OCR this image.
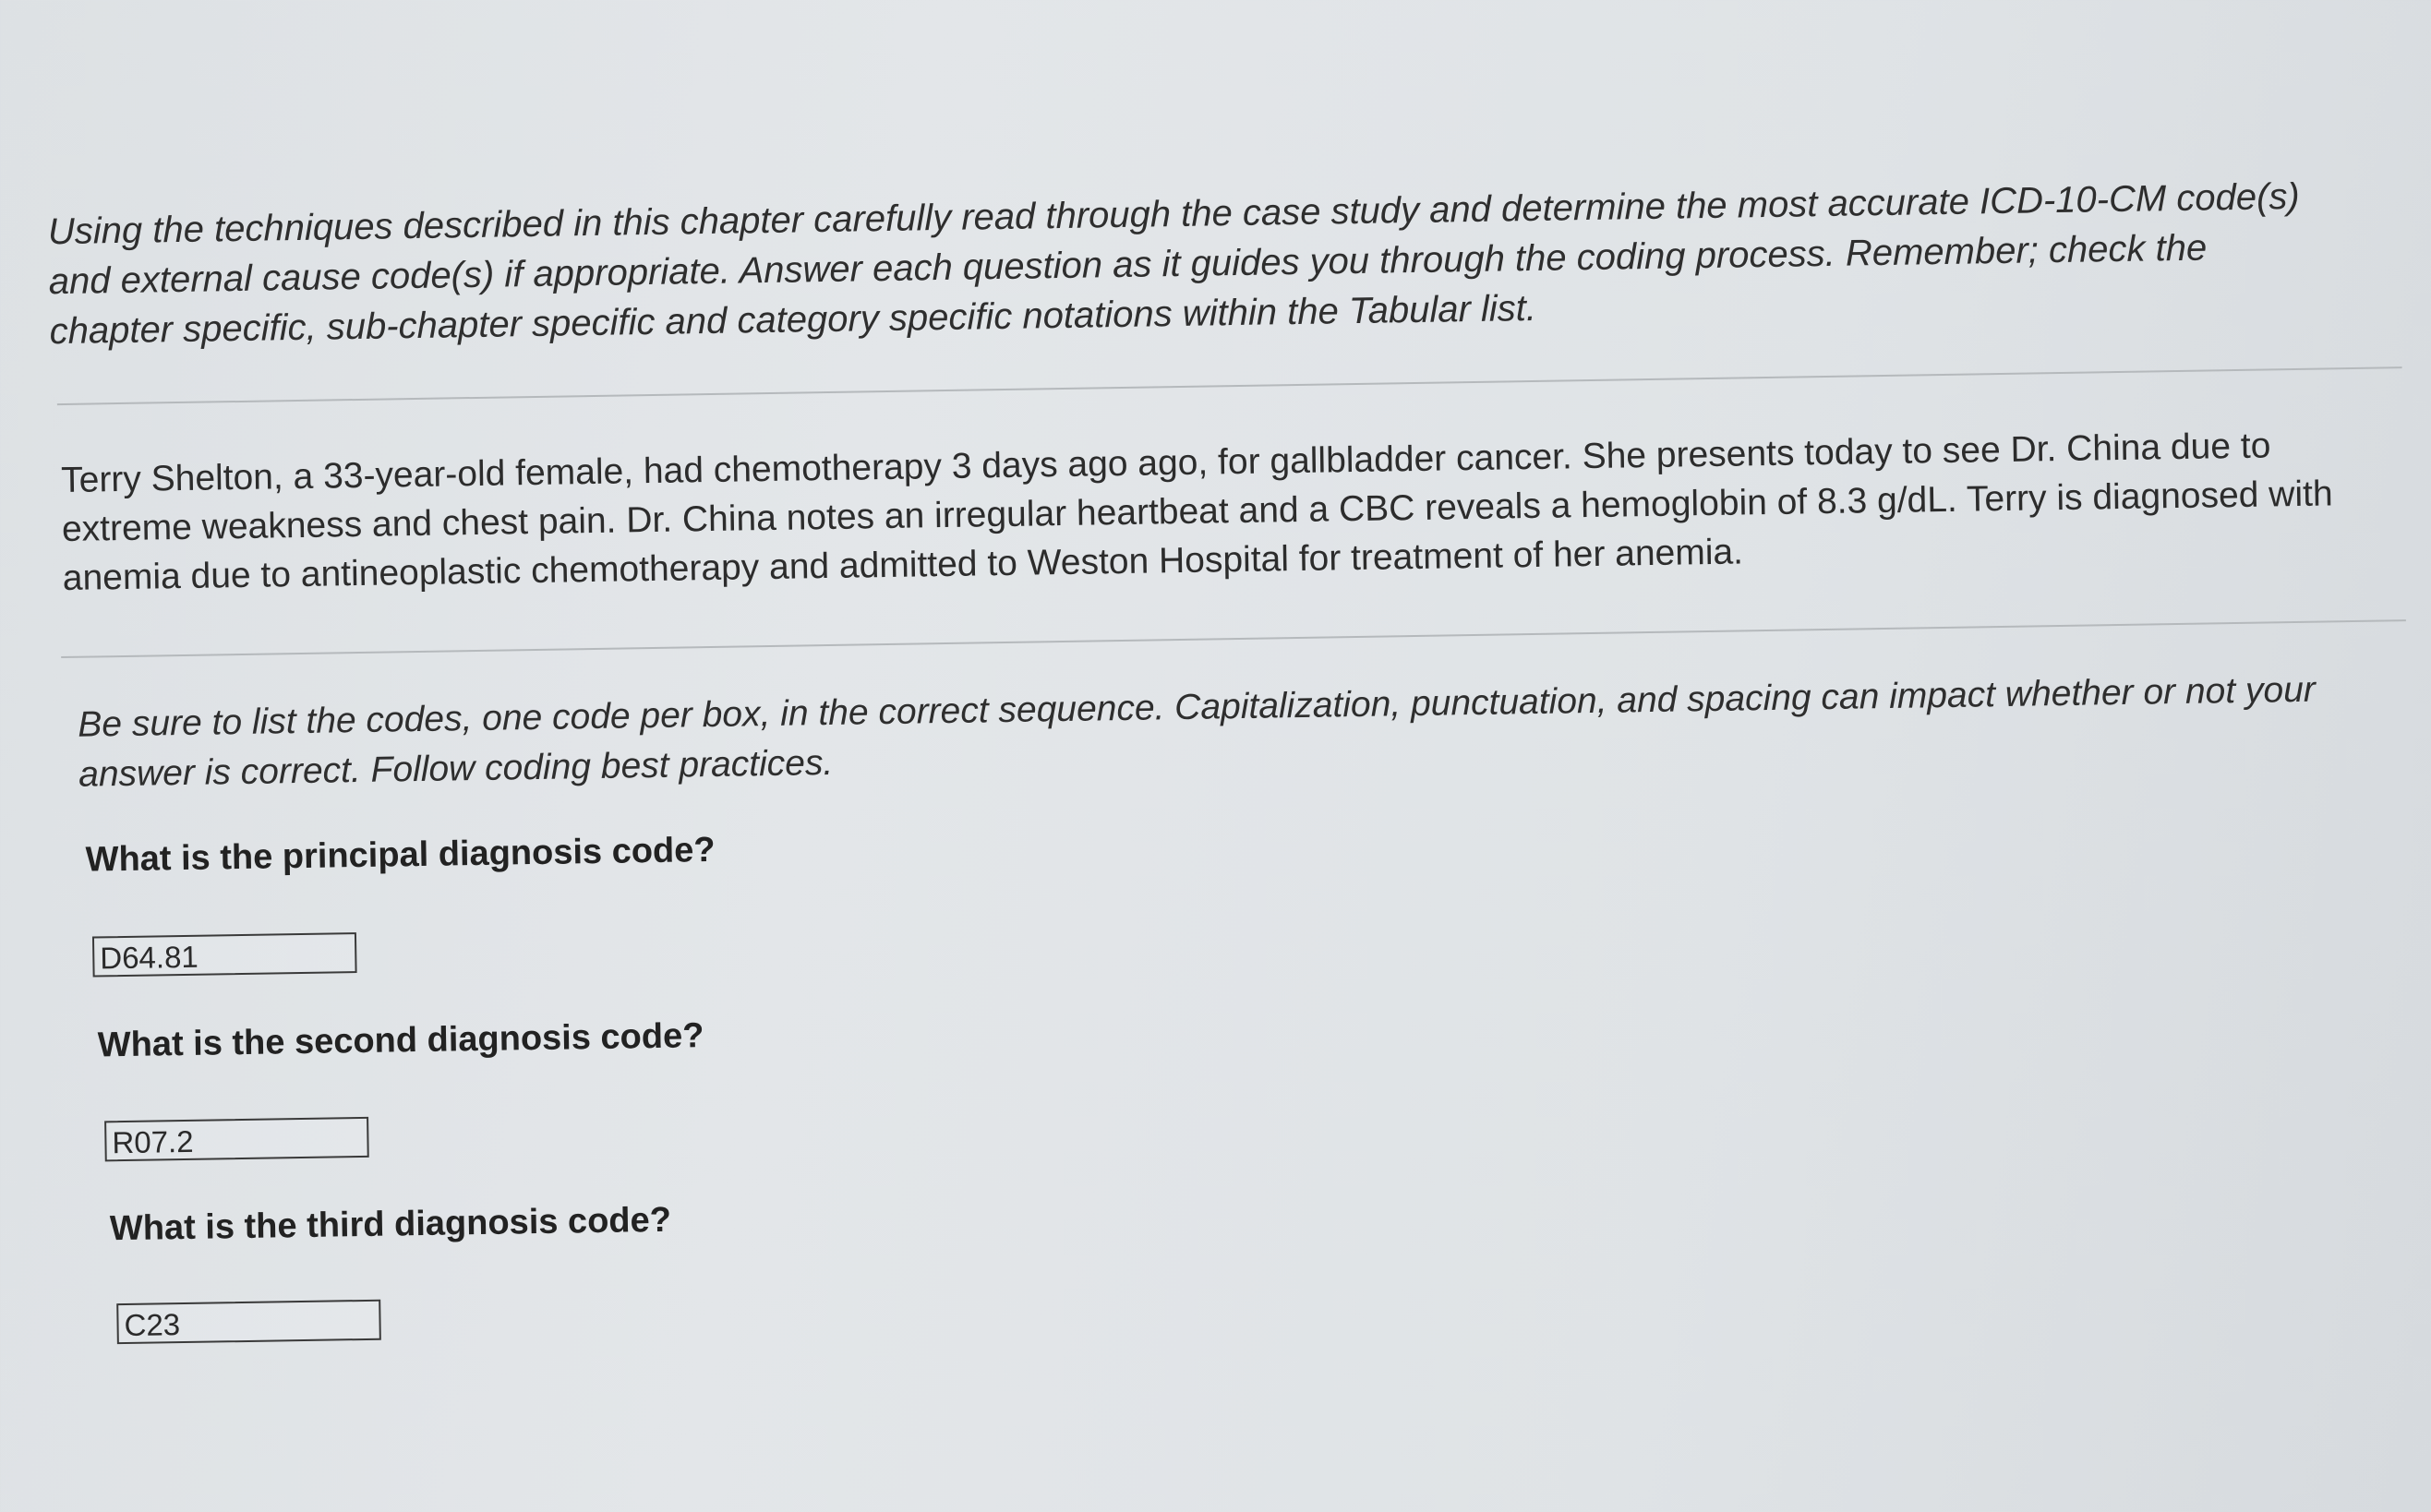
Using the techniques described in this chapter carefully read through the case study and determine the most accurate ICD-10-CM code(s) and external cause code(s) if appropriate. Answer each question as it guides you through the coding process. Remember; check the chapter specific, sub-chapter specific and category specific notations within the Tabular list.
Terry Shelton, a 33-year-old female, had chemotherapy 3 days ago ago, for gallbladder cancer. She presents today to see Dr. China due to extreme weakness and chest pain. Dr. China notes an irregular heartbeat and a CBC reveals a hemoglobin of 8.3 g/dL. Terry is diagnosed with anemia due to antineoplastic chemotherapy and admitted to Weston Hospital for treatment of her anemia.
Be sure to list the codes, one code per box, in the correct sequence. Capitalization, punctuation, and spacing can impact whether or not your answer is correct. Follow coding best practices.
What is the principal diagnosis code?
D64.81
What is the second diagnosis code?
R07.2
What is the third diagnosis code?
C23
